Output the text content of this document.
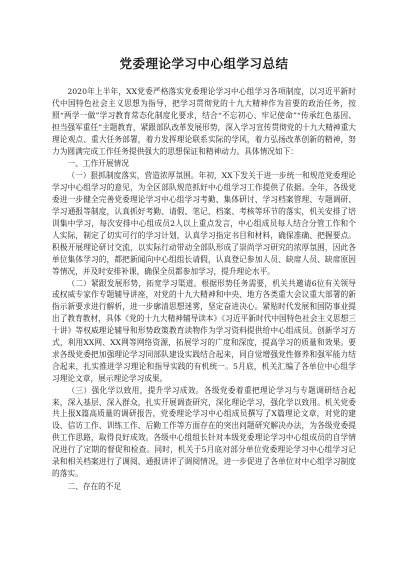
党委理论学习中心组学习总结

2020年上半年，XX党委严格落实党委理论学习中心组学习各项制度，以习近平新时代中国特色社会主义思想为指导，把学习贯彻党的十九大精神作为首要的政治任务，按照“两学一做”学习教育常态化制度化要求，结合“不忘初心、牢记使命”“传承红色基因、担当强军重任”主题教育，紧跟部队改革发展形势，深入学习宣传贯彻党的十九大精神重大理论观点、重大任务部署，着力发挥理论联系实际的学风，着力弘扬改革创新的精神，努力为圆满完成工作任务提供强大的思想保证和精神动力。具体情况如下：

一、工作开展情况

（一）狠抓制度落实，营造浓厚氛围。年初，XX下发关于进一步统一和规范党委理论学习中心组学习的意见，为全区部队规范抓好中心组学习工作提供了依据。全年，各级党委进一步健全完善党委理论学习中心组学习考勤、集体研讨、学习档案管理、专题调研、学习通报等制度，认真抓好考勤、请假、笔记、档案、考核等环节的落实，机关安排了培训集中学习，每次安排中心组成员2人以上重点发言，中心组成员每人结合分管工作和个人实际，制定了切实可行的学习计划，认真学习指定书目和材料，确保准确、把握要点。积极开展理论研讨交流，以实际行动带动全部队形成了崇尚学习研究的浓厚氛围，因此各单位集体学习的，都把新闻向中心组组长请假，认真登记参加人员、缺席人员、缺席原因等情况，并及时安排补课，确保全员都参加学习，提升理论水平。

（二）紧跟发展形势，拓宽学习渠道。根据形势任务需要，机关共邀请6位有关领导或权威专家作专题辅导讲座，对党的十九大精神和中央、地方各类重大会议重大部署的新指示新要求进行解析，进一步廓清思想迷雾，坚定奋进决心。紧贴时代发展和国防事业提出了教育教材，具体《党的十九大精神辅导读本》《习近平新时代中国特色社会主义思想三十讲》等权威理论辅导和形势政策教育读物作为学习资料提供给中心组成员。创新学习方式，利用XX网、XX网等网络资源，拓展学习的广度和深度，提高学习的质量和效果。要求各级党委把加强理论学习同部队建设实践结合起来，同自觉增强党性修养和强军能力结合起来，扎实推进学习理论和指导实践的有机统一。5月底，机关汇编了各单位中心组学习理论文章，展示理论学习成果。

（三）强化学以致用，提升学习成效。各级党委着重把理论学习与专题调研结合起来，深入基层、深入群众，扎实开展调查研究，深化理论学习，强化学以致用。机关党委共上报X篇高质量的调研报告，党委理论学习中心组成员撰写了X篇理论文章，对党的建设、信访工作、训练工作、后勤工作等方面存在的突出问题研究解决办法，为各级党委提供工作思路，取得良好成效。各级中心组组长针对本级党委理论学习中心组成员的自学情况进行了定期的督促和检查。同时，机关于5月底对部分单位党委理论学习中心组学习记录和相关档案进行了调阅，通报讲评了调阅情况，进一步促进了各单位对中心组学习制度的落实。

二、存在的不足
